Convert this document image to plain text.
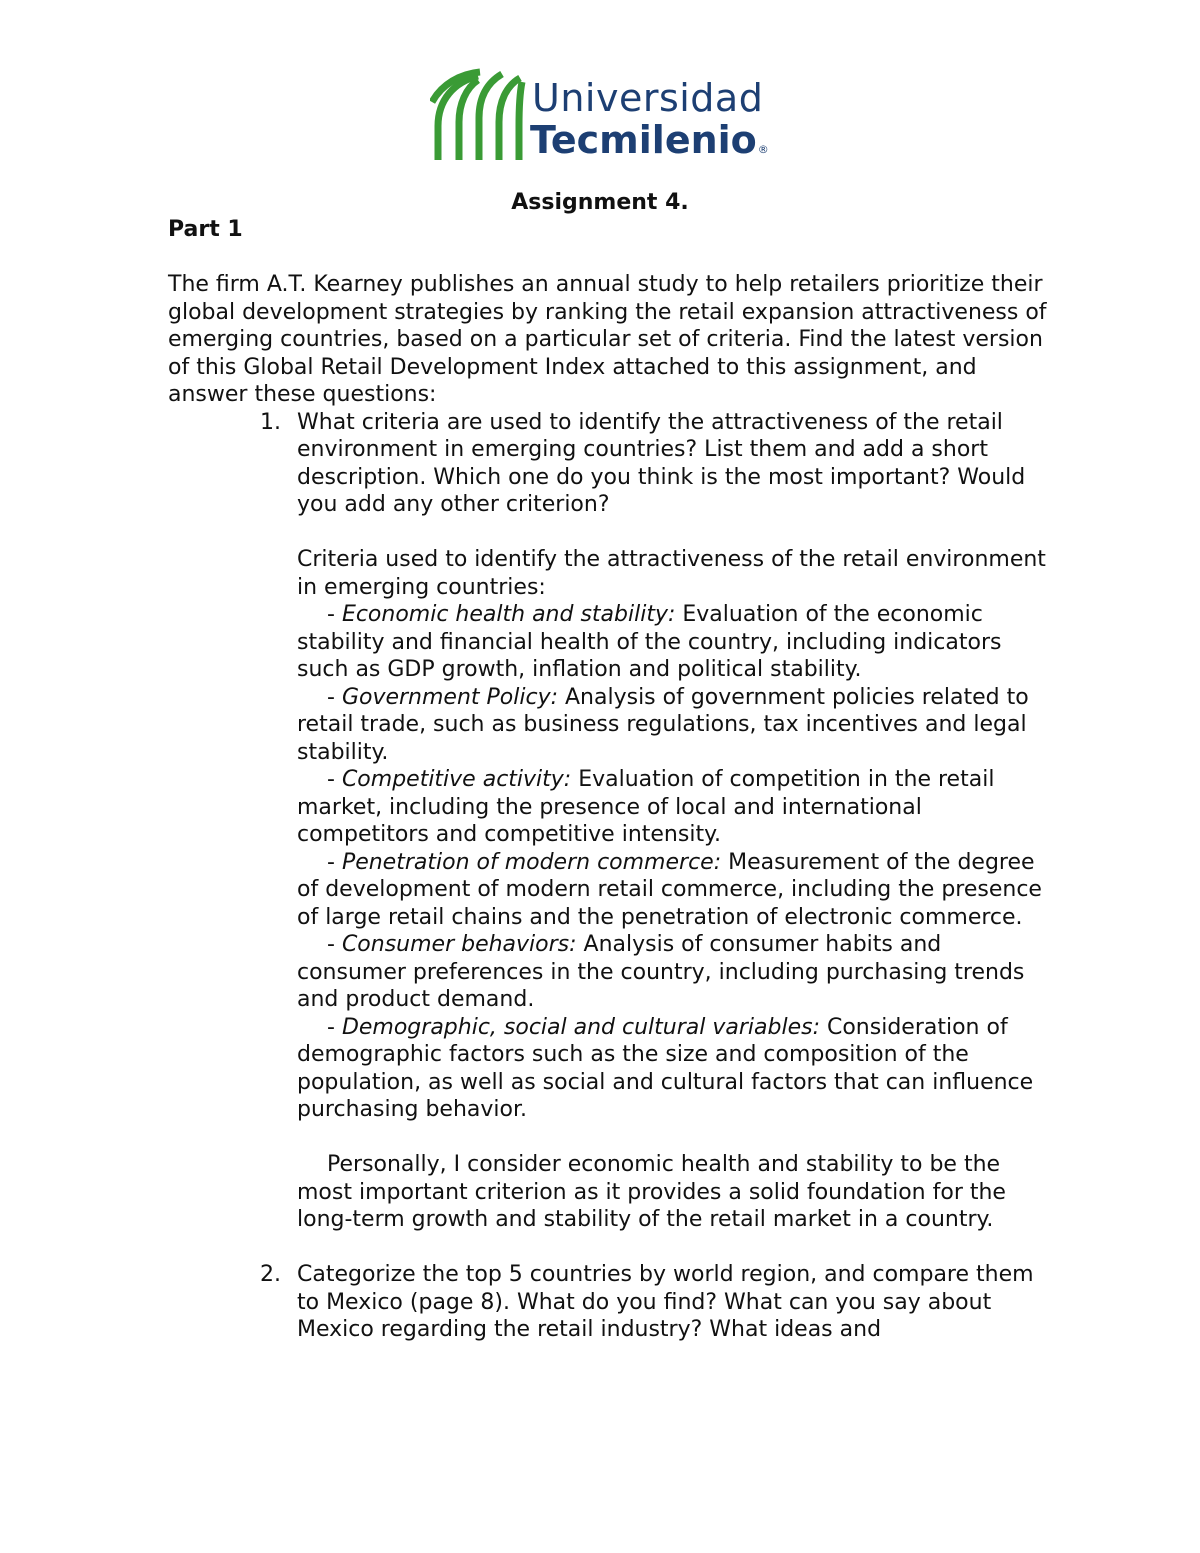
Universidad
Tecmilenio®
Assignment 4.
Part 1
The firm A.T. Kearney publishes an annual study to help retailers prioritize their global development strategies by ranking the retail expansion attractiveness of emerging countries, based on a particular set of criteria. Find the latest version of this Global Retail Development Index attached to this assignment, and answer these questions:
1. What criteria are used to identify the attractiveness of the retail environment in emerging countries? List them and add a short description. Which one do you think is the most important? Would you add any other criterion?
Criteria used to identify the attractiveness of the retail environment in emerging countries:
- Economic health and stability: Evaluation of the economic stability and financial health of the country, including indicators such as GDP growth, inflation and political stability.
- Government Policy: Analysis of government policies related to retail trade, such as business regulations, tax incentives and legal stability.
- Competitive activity: Evaluation of competition in the retail market, including the presence of local and international competitors and competitive intensity.
- Penetration of modern commerce: Measurement of the degree of development of modern retail commerce, including the presence of large retail chains and the penetration of electronic commerce.
- Consumer behaviors: Analysis of consumer habits and consumer preferences in the country, including purchasing trends and product demand.
- Demographic, social and cultural variables: Consideration of demographic factors such as the size and composition of the population, as well as social and cultural factors that can influence purchasing behavior.
Personally, I consider economic health and stability to be the most important criterion as it provides a solid foundation for the long-term growth and stability of the retail market in a country.
2. Categorize the top 5 countries by world region, and compare them to Mexico (page 8). What do you find? What can you say about Mexico regarding the retail industry? What ideas and
